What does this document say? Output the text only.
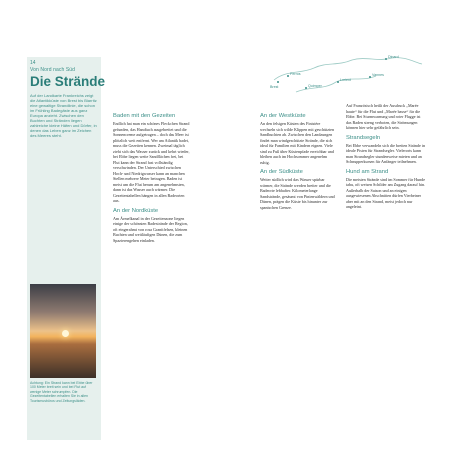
14
Von Nord nach Süd
Die Strände

Auf der Landkarte Frankreichs zeigt die Atlantikküste von Brest bis Biarritz eine gewaltige Strandlinie, die schon im Frühling Badegäste aus ganz Europa anzieht. Zwischen den Buchten und Stränden liegen zahlreiche kleine Häfen und Dörfer, in denen das Leben ganz im Zeichen des Meeres steht.

Achtung: Ein Strand kann bei Ebbe über 100 Meter breit sein und bei Flut auf wenige Meter schrumpfen. Die Gezeitentabellen erhalten Sie in allen Tourismusbüros und Zeitungsläden.

Baden mit den Gezeiten

Endlich hat man ein schönes Fleckchen Strand gefunden, das Handtuch ausgebreitet und die Sonnencreme aufgetragen – doch das Meer ist plötzlich weit entfernt. Wer am Atlantik badet, muss die Gezeiten kennen. Zweimal täglich zieht sich das Wasser zurück und kehrt wieder, bei Ebbe liegen weite Sandflächen frei, bei Flut kann der Strand fast vollständig verschwinden. Der Unterschied zwischen Hoch- und Niedrigwasser kann an manchen Stellen mehrere Meter betragen. Baden ist meist um die Flut herum am angenehmsten, dann ist das Wasser auch wärmer. Die Gezeitentabellen hängen in allen Badeorten aus.

An der Nordküste

Am Ärmelkanal in der Gezeitenzone liegen einige der schönsten Badestrände der Region, oft eingerahmt von rosa Granitfelsen, kleinen Buchten und weitläufigen Dünen, die zum Spazierengehen einladen.

An der Westküste

An den felsigen Küsten des Finistère wechseln sich wilde Klippen mit geschützten Sandbuchten ab. Zwischen den Landzungen findet man windgeschützte Strände, die sich ideal für Familien mit Kindern eignen. Viele sind zu Fuß über Küstenpfade erreichbar und bleiben auch im Hochsommer angenehm ruhig.

An der Südküste

Weiter südlich wird das Wasser spürbar wärmer, die Strände werden breiter und die Badeorte lebhafter. Kilometerlange Sandstrände, gesäumt von Pinienwäldern und Dünen, prägen die Küste bis hinunter zur spanischen Grenze.

Auf Französisch heißt der Ausdruck „Marée haute“ für die Flut und „Marée basse“ für die Ebbe. Bei Sturmwarnung und roter Flagge ist das Baden streng verboten, die Strömungen können hier sehr gefährlich sein.

Strandsegeln

Bei Ebbe verwandeln sich die breiten Strände in ideale Pisten für Strandsegler. Vielerorts kann man Strandsegler stundenweise mieten und an Schnupperkursen für Anfänger teilnehmen.

Hund am Strand

Die meisten Strände sind im Sommer für Hunde tabu, oft weisen Schilder am Zugang darauf hin. Außerhalb der Saison und an einigen ausgewiesenen Abschnitten dürfen Vierbeiner aber mit an den Strand, meist jedoch nur angeleint.

Perros
Dinard
Brest	Quimper
Lorient
Vannes
